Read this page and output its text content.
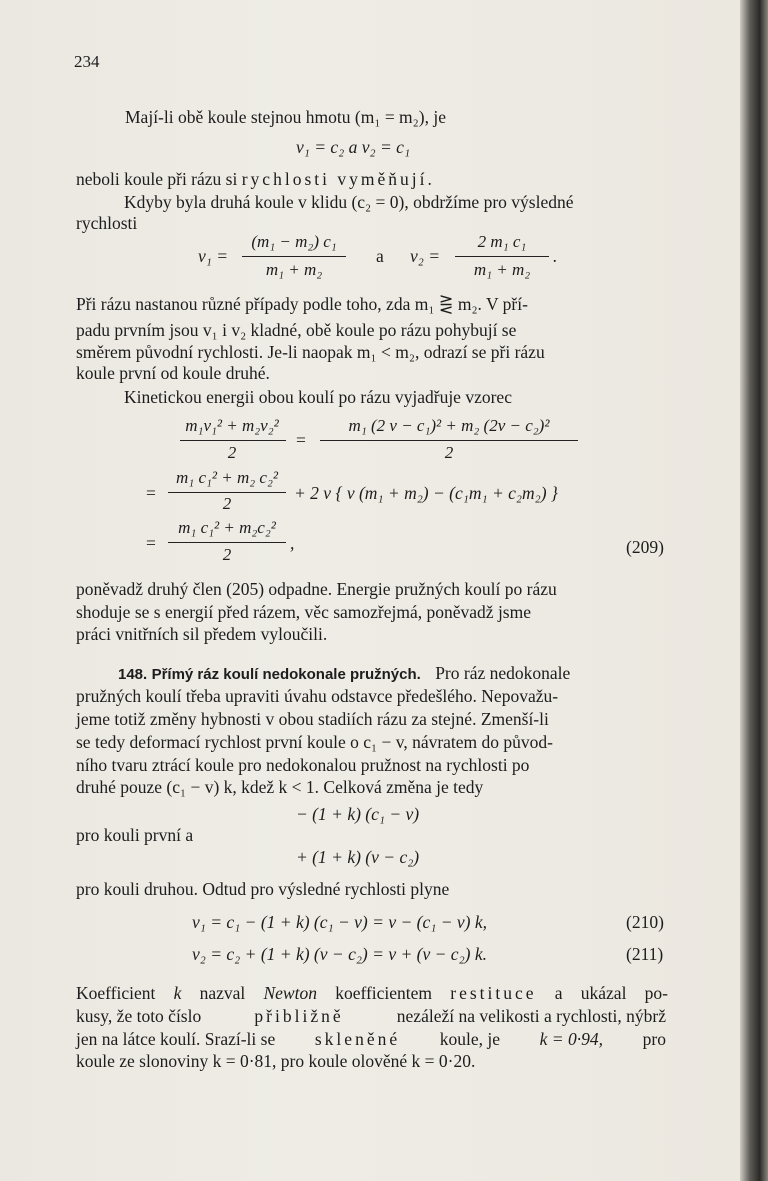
234
Mají-li obě koule stejnou hmotu (m₁ = m₂), je
v₁ = c₂ a v₂ = c₁
neboli koule při rázu si rychlosti vyměňují.
Kdyby byla druhá koule v klidu (c₂ = 0), obdržíme pro výsledné
rychlosti
v₁ =
(m₁ − m₂) c₁
m₁ + m₂
a v₂ =
2 m₁ c₁
m₁ + m₂
.
Při rázu nastanou různé případy podle toho, zda m₁ ⋛ m₂. V pří-
padu prvním jsou v₁ i v₂ kladné, obě koule po rázu pohybují se
směrem původní rychlosti. Je-li naopak m₁ < m₂, odrazí se při rázu
koule první od koule druhé.
Kinetickou energii obou koulí po rázu vyjadřuje vzorec
m₁v₁² + m₂v₂²
2
=
m₁ (2 v − c₁)² + m₂ (2v − c₂)²
2
=
m₁ c₁² + m₂ c₂²
2
+ 2 v { v (m₁ + m₂) − (c₁m₁ + c₂m₂) }
=
m₁ c₁² + m₂c₂²
2
,	(209)
poněvadž druhý člen (205) odpadne. Energie pružných koulí po rázu
shoduje se s energií před rázem, věc samozřejmá, poněvadž jsme
práci vnitřních sil předem vyloučili.
148. Přímý ráz koulí nedokonale pružných. Pro ráz nedokonale
pružných koulí třeba upraviti úvahu odstavce předešlého. Nepovažu-
jeme totiž změny hybnosti v obou stadiích rázu za stejné. Zmenší-li
se tedy deformací rychlost první koule o c₁ − v, návratem do původ-
ního tvaru ztrácí koule pro nedokonalou pružnost na rychlosti po
druhé pouze (c₁ − v) k, kdež k < 1. Celková změna je tedy
− (1 + k) (c₁ − v)
pro kouli první a
+ (1 + k) (v − c₂)
pro kouli druhou. Odtud pro výsledné rychlosti plyne
v₁ = c₁ − (1 + k) (c₁ − v) = v − (c₁ − v) k,	(210)
v₂ = c₂ + (1 + k) (v − c₂) = v + (v − c₂) k.	(211)
Koefficient k nazval Newton koefficientem restituce a ukázal po-
kusy, že toto číslo	přibližně	nezáleží na velikosti a rychlosti, nýbrž
jen na látce koulí. Srazí-li se skleněné koule, je k = 0·94, pro
koule ze slonoviny k = 0·81, pro koule olověné k = 0·20.
